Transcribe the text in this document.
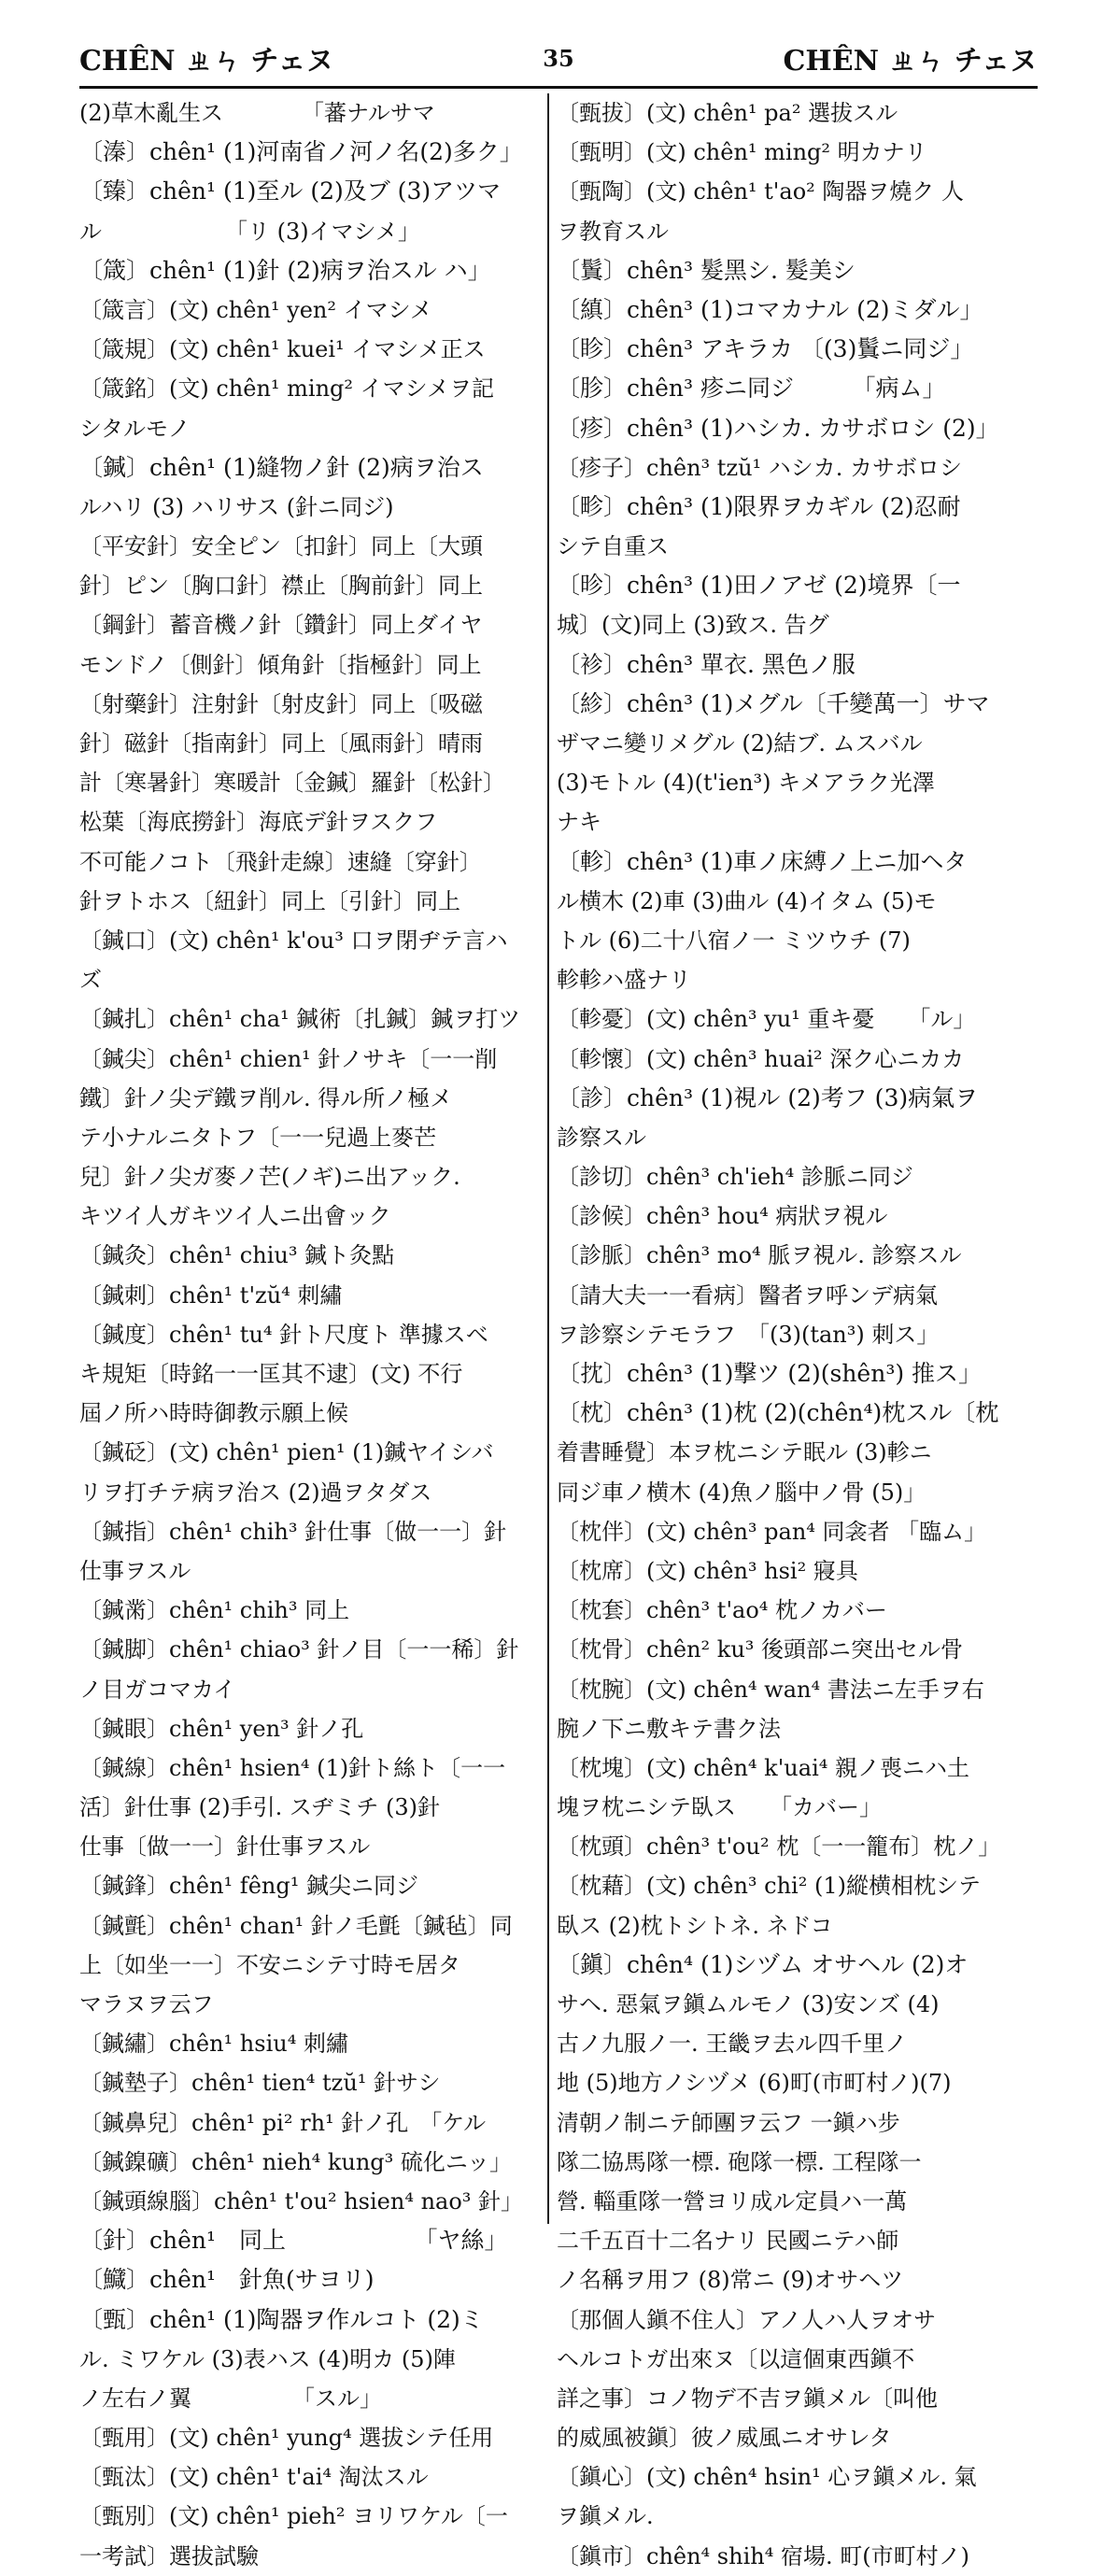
CHÊN ㄓㄣ チェヌ	35	CHÊN ㄓㄣ チェヌ
(2)草木亂生ス　　　　「蕃ナルサマ
〔溱〕chên¹ (1)河南省ノ河ノ名(2)多ク」
〔臻〕chên¹ (1)至ル (2)及ブ (3)アツマ
ル　　　　　　「リ (3)イマシメ」
〔箴〕chên¹ (1)針 (2)病ヲ治スル ハ」
〔箴言〕(文) chên¹ yen² イマシメ
〔箴規〕(文) chên¹ kuei¹ イマシメ正ス
〔箴銘〕(文) chên¹ ming² イマシメヲ記
シタルモノ
〔鍼〕chên¹ (1)縫物ノ針 (2)病ヲ治ス
ルハリ (3) ハリサス (針ニ同ジ)
〔平安針〕安全ピン〔扣針〕同上〔大頭
針〕ピン〔胸口針〕襟止〔胸前針〕同上
〔鋼針〕蓄音機ノ針〔鑽針〕同上ダイヤ
モンドノ〔側針〕傾角針〔指極針〕同上
〔射藥針〕注射針〔射皮針〕同上〔吸磁
針〕磁針〔指南針〕同上〔風雨針〕晴雨
計〔寒暑針〕寒暖計〔金鍼〕羅針〔松針〕
松葉〔海底撈針〕海底デ針ヲスクフ
不可能ノコト〔飛針走線〕速縫〔穿針〕
針ヲトホス〔紐針〕同上〔引針〕同上
〔鍼口〕(文) chên¹ k'ou³ 口ヲ閉ヂテ言ハ
ズ
〔鍼扎〕chên¹ cha¹ 鍼術〔扎鍼〕鍼ヲ打ツ
〔鍼尖〕chên¹ chien¹ 針ノサキ〔一一削
鐵〕針ノ尖デ鐵ヲ削ル. 得ル所ノ極メ
テ小ナルニタトフ〔一一兒過上麥芒
兒〕針ノ尖ガ麥ノ芒(ノギ)ニ出アック.
キツイ人ガキツイ人ニ出會ック
〔鍼灸〕chên¹ chiu³ 鍼ト灸點
〔鍼刺〕chên¹ t'zŭ⁴ 刺繡
〔鍼度〕chên¹ tu⁴ 針ト尺度ト 準據スベ
キ規矩〔時銘一一匡其不逮〕(文) 不行
屆ノ所ハ時時御教示願上候
〔鍼砭〕(文) chên¹ pien¹ (1)鍼ヤイシバ
リヲ打チテ病ヲ治ス (2)過ヲタダス
〔鍼指〕chên¹ chih³ 針仕事〔做一一〕針
仕事ヲスル
〔鍼黹〕chên¹ chih³ 同上
〔鍼脚〕chên¹ chiao³ 針ノ目〔一一稀〕針
ノ目ガコマカイ
〔鍼眼〕chên¹ yen³ 針ノ孔
〔鍼線〕chên¹ hsien⁴ (1)針ト絲ト〔一一
活〕針仕事 (2)手引. スヂミチ (3)針
仕事〔做一一〕針仕事ヲスル
〔鍼鋒〕chên¹ fêng¹ 鍼尖ニ同ジ
〔鍼氈〕chên¹ chan¹ 針ノ毛氈〔鍼毡〕同
上〔如坐一一〕不安ニシテ寸時モ居タ
マラヌヲ云フ
〔鍼繡〕chên¹ hsiu⁴ 刺繡
〔鍼墊子〕chên¹ tien⁴ tzŭ¹ 針サシ
〔鍼鼻兒〕chên¹ pi² rh¹ 針ノ孔　「ケル
〔鍼鎳礦〕chên¹ nieh⁴ kung³ 硫化ニッ」
〔鍼頭線腦〕chên¹ t'ou² hsien⁴ nao³ 針」
〔針〕chên¹　同上　　　　　　「ヤ絲」
〔鱵〕chên¹　針魚(サヨリ)
〔甄〕chên¹ (1)陶器ヲ作ルコト (2)ミ
ル. ミワケル (3)表ハス (4)明カ (5)陣
ノ左右ノ翼　　　　　「スル」
〔甄用〕(文) chên¹ yung⁴ 選拔シテ任用
〔甄汰〕(文) chên¹ t'ai⁴ 淘汰スル
〔甄別〕(文) chên¹ pieh² ヨリワケル〔一
一考試〕選拔試驗
〔甄拔〕(文) chên¹ pa² 選拔スル
〔甄明〕(文) chên¹ ming² 明カナリ
〔甄陶〕(文) chên¹ t'ao² 陶器ヲ燒ク 人
ヲ教育スル
〔鬒〕chên³ 髮黑シ. 髮美シ
〔縝〕chên³ (1)コマカナル (2)ミダル」
〔眕〕chên³ アキラカ 〔(3)鬒ニ同ジ」
〔胗〕chên³ 疹ニ同ジ　　　「病ム」
〔疹〕chên³ (1)ハシカ. カサボロシ (2)」
〔疹子〕chên³ tzŭ¹ ハシカ. カサボロシ
〔畛〕chên³ (1)限界ヲカギル (2)忍耐
シテ自重ス
〔昣〕chên³ (1)田ノアゼ (2)境界〔一
城〕(文)同上 (3)致ス. 告グ
〔袗〕chên³ 單衣. 黑色ノ服
〔紾〕chên³ (1)メグル〔千變萬一〕サマ
ザマニ變リメグル (2)結ブ. ムスバル
(3)モトル (4)(t'ien³) キメアラク光澤
ナキ
〔軫〕chên³ (1)車ノ床縛ノ上ニ加ヘタ
ル横木 (2)車 (3)曲ル (4)イタム (5)モ
トル (6)二十八宿ノ一 ミツウチ (7)
軫軫ハ盛ナリ
〔軫憂〕(文) chên³ yu¹ 重キ憂　　「ル」
〔軫懷〕(文) chên³ huai² 深ク心ニカカ
〔診〕chên³ (1)視ル (2)考フ (3)病氣ヲ
診察スル
〔診切〕chên³ ch'ieh⁴ 診脈ニ同ジ
〔診候〕chên³ hou⁴ 病狀ヲ視ル
〔診脈〕chên³ mo⁴ 脈ヲ視ル. 診察スル
〔請大夫一一看病〕醫者ヲ呼ンデ病氣
ヲ診察シテモラフ　「(3)(tan³) 刺ス」
〔抌〕chên³ (1)撃ツ (2)(shên³) 推ス」
〔枕〕chên³ (1)枕 (2)(chên⁴)枕スル〔枕
着書睡覺〕本ヲ枕ニシテ眠ル (3)軫ニ
同ジ車ノ横木 (4)魚ノ腦中ノ骨 (5)」
〔枕伴〕(文) chên³ pan⁴ 同衾者 「臨ム」
〔枕席〕(文) chên³ hsi² 寢具
〔枕套〕chên³ t'ao⁴ 枕ノカバー
〔枕骨〕chên² ku³ 後頭部ニ突出セル骨
〔枕腕〕(文) chên⁴ wan⁴ 書法ニ左手ヲ右
腕ノ下ニ敷キテ書ク法
〔枕塊〕(文) chên⁴ k'uai⁴ 親ノ喪ニハ土
塊ヲ枕ニシテ臥ス　　「カバー」
〔枕頭〕chên³ t'ou² 枕〔一一籠布〕枕ノ」
〔枕藉〕(文) chên³ chi² (1)縱横相枕シテ
臥ス (2)枕トシトネ. ネドコ
〔鎭〕chên⁴ (1)シヅム オサヘル (2)オ
サヘ. 惡氣ヲ鎭ムルモノ (3)安ンズ (4)
古ノ九服ノ一. 王畿ヲ去ル四千里ノ
地 (5)地方ノシヅメ (6)町(市町村ノ)(7)
清朝ノ制ニテ師團ヲ云フ 一鎭ハ步
隊二協馬隊一標. 砲隊一標. 工程隊一
營. 輜重隊一營ヨリ成ル定員ハ一萬
二千五百十二名ナリ 民國ニテハ師
ノ名稱ヲ用フ (8)常ニ (9)オサヘツ
〔那個人鎭不住人〕アノ人ハ人ヲオサ
ヘルコトガ出來ヌ〔以這個東西鎭不
詳之事〕コノ物デ不吉ヲ鎭メル〔叫他
的威風被鎭〕彼ノ威風ニオサレタ
〔鎭心〕(文) chên⁴ hsin¹ 心ヲ鎭メル. 氣
ヲ鎭メル.
〔鎭市〕chên⁴ shih⁴ 宿場. 町(市町村ノ)
